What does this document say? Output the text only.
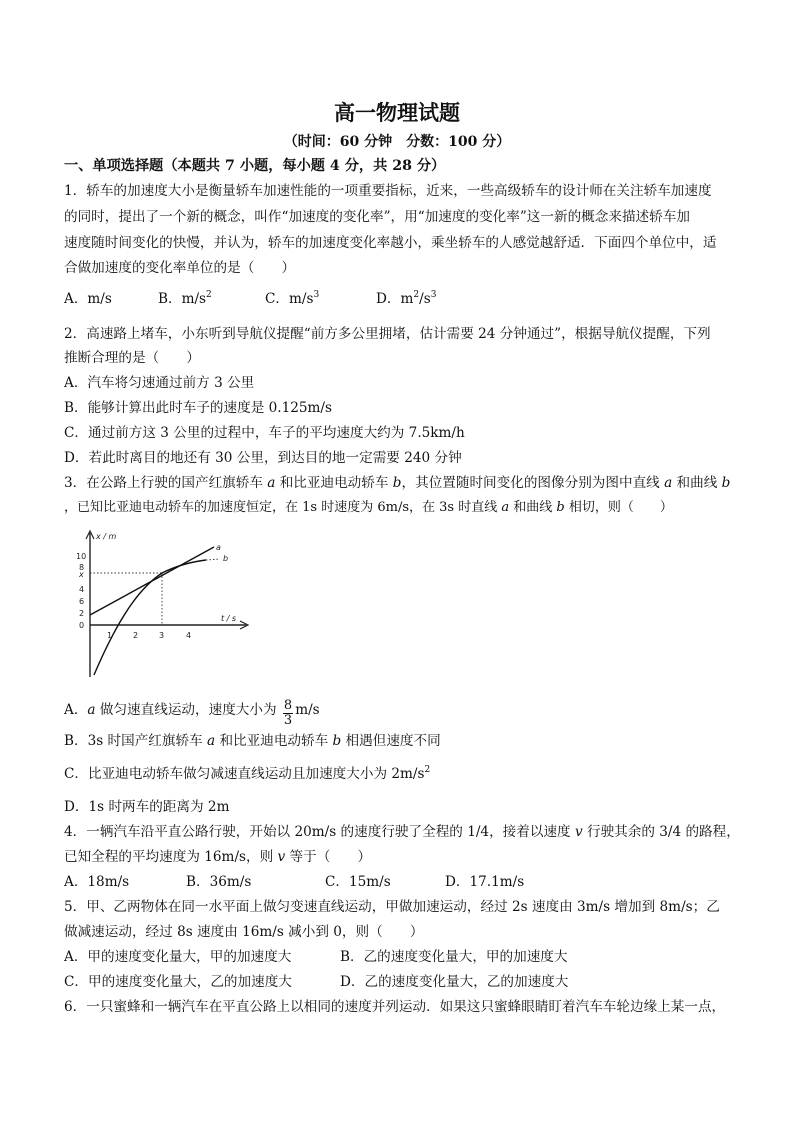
高一物理试题
（时间：60 分钟　分数：100 分）
一、单项选择题（本题共 7 小题，每小题 4 分，共 28 分）
1．轿车的加速度大小是衡量轿车加速性能的一项重要指标，近来，一些高级轿车的设计师在关注轿车加速度
的同时，提出了一个新的概念，叫作“加速度的变化率”，用“加速度的变化率”这一新的概念来描述轿车加
速度随时间变化的快慢，并认为，轿车的加速度变化率越小，乘坐轿车的人感觉越舒适．下面四个单位中，适
合做加速度的变化率单位的是（　　）
A．m/s	B．$m/s^2$	C．$m/s^3$	D．$m^2/s^3$
2．高速路上堵车，小东听到导航仪提醒“前方多公里拥堵，估计需要 24 分钟通过”，根据导航仪提醒，下列
推断合理的是（　　）
A．汽车将匀速通过前方 3 公里
B．能够计算出此时车子的速度是 0.125m/s
C．通过前方这 3 公里的过程中，车子的平均速度大约为 7.5km/h
D．若此时离目的地还有 30 公里，到达目的地一定需要 240 分钟
3．在公路上行驶的国产红旗轿车 a 和比亚迪电动轿车 b，其位置随时间变化的图像分别为图中直线 a 和曲线 b
，已知比亚迪电动轿车的加速度恒定，在 1s 时速度为 6m/s，在 3s 时直线 a 和曲线 b 相切，则（　　）
x / m
t / s
10
8
x
4
6
2
0
1	2	3	4
a
b
A．a 做匀速直线运动，速度大小为 $\frac{8}{3} m/s$
B．3s 时国产红旗轿车 a 和比亚迪电动轿车 b 相遇但速度不同
C．比亚迪电动轿车做匀减速直线运动且加速度大小为 $2m/s^2$
D．1s 时两车的距离为 2m
4．一辆汽车沿平直公路行驶，开始以 20m/s 的速度行驶了全程的 1/4，接着以速度 v 行驶其余的 3/4 的路程，
已知全程的平均速度为 16m/s，则 v 等于（　　）
A．18m/s	B．36m/s	C．15m/s	D．17.1m/s
5．甲、乙两物体在同一水平面上做匀变速直线运动，甲做加速运动，经过 2s 速度由 3m/s 增加到 8m/s；乙
做减速运动，经过 8s 速度由 16m/s 减小到 0，则（　　）
A．甲的速度变化量大，甲的加速度大	B．乙的速度变化量大，甲的加速度大
C．甲的速度变化量大，乙的加速度大	D．乙的速度变化量大，乙的加速度大
6．一只蜜蜂和一辆汽车在平直公路上以相同的速度并列运动．如果这只蜜蜂眼睛盯着汽车车轮边缘上某一点，
